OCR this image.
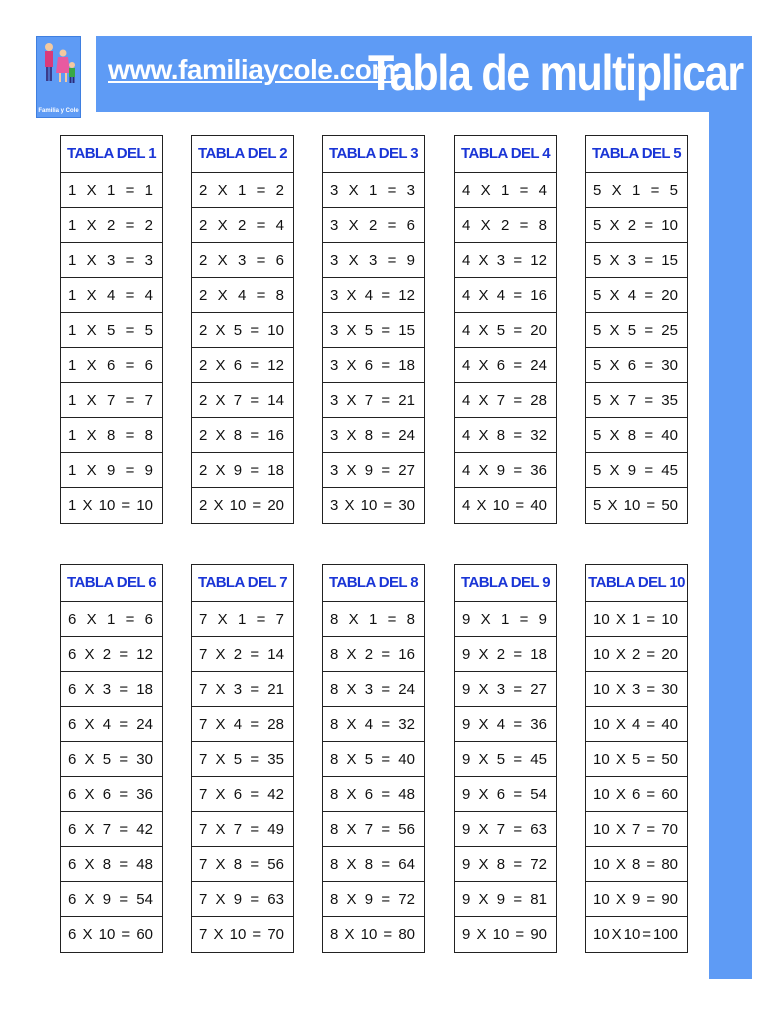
Familia y Cole
www.familiaycole.com
Tabla de multiplicar
TABLA DEL 1
1 X 1 = 1
1 X 2 = 2
1 X 3 = 3
1 X 4 = 4
1 X 5 = 5
1 X 6 = 6
1 X 7 = 7
1 X 8 = 8
1 X 9 = 9
1 X 10 = 10
TABLA DEL 2
2 X 1 = 2
2 X 2 = 4
2 X 3 = 6
2 X 4 = 8
2 X 5 = 10
2 X 6 = 12
2 X 7 = 14
2 X 8 = 16
2 X 9 = 18
2 X 10 = 20
TABLA DEL 3
3 X 1 = 3
3 X 2 = 6
3 X 3 = 9
3 X 4 = 12
3 X 5 = 15
3 X 6 = 18
3 X 7 = 21
3 X 8 = 24
3 X 9 = 27
3 X 10 = 30
TABLA DEL 4
4 X 1 = 4
4 X 2 = 8
4 X 3 = 12
4 X 4 = 16
4 X 5 = 20
4 X 6 = 24
4 X 7 = 28
4 X 8 = 32
4 X 9 = 36
4 X 10 = 40
TABLA DEL 5
5 X 1 = 5
5 X 2 = 10
5 X 3 = 15
5 X 4 = 20
5 X 5 = 25
5 X 6 = 30
5 X 7 = 35
5 X 8 = 40
5 X 9 = 45
5 X 10 = 50
TABLA DEL 6
6 X 1 = 6
6 X 2 = 12
6 X 3 = 18
6 X 4 = 24
6 X 5 = 30
6 X 6 = 36
6 X 7 = 42
6 X 8 = 48
6 X 9 = 54
6 X 10 = 60
TABLA DEL 7
7 X 1 = 7
7 X 2 = 14
7 X 3 = 21
7 X 4 = 28
7 X 5 = 35
7 X 6 = 42
7 X 7 = 49
7 X 8 = 56
7 X 9 = 63
7 X 10 = 70
TABLA DEL 8
8 X 1 = 8
8 X 2 = 16
8 X 3 = 24
8 X 4 = 32
8 X 5 = 40
8 X 6 = 48
8 X 7 = 56
8 X 8 = 64
8 X 9 = 72
8 X 10 = 80
TABLA DEL 9
9 X 1 = 9
9 X 2 = 18
9 X 3 = 27
9 X 4 = 36
9 X 5 = 45
9 X 6 = 54
9 X 7 = 63
9 X 8 = 72
9 X 9 = 81
9 X 10 = 90
TABLA DEL 10
10 X 1 = 10
10 X 2 = 20
10 X 3 = 30
10 X 4 = 40
10 X 5 = 50
10 X 6 = 60
10 X 7 = 70
10 X 8 = 80
10 X 9 = 90
10 X 10 = 100
